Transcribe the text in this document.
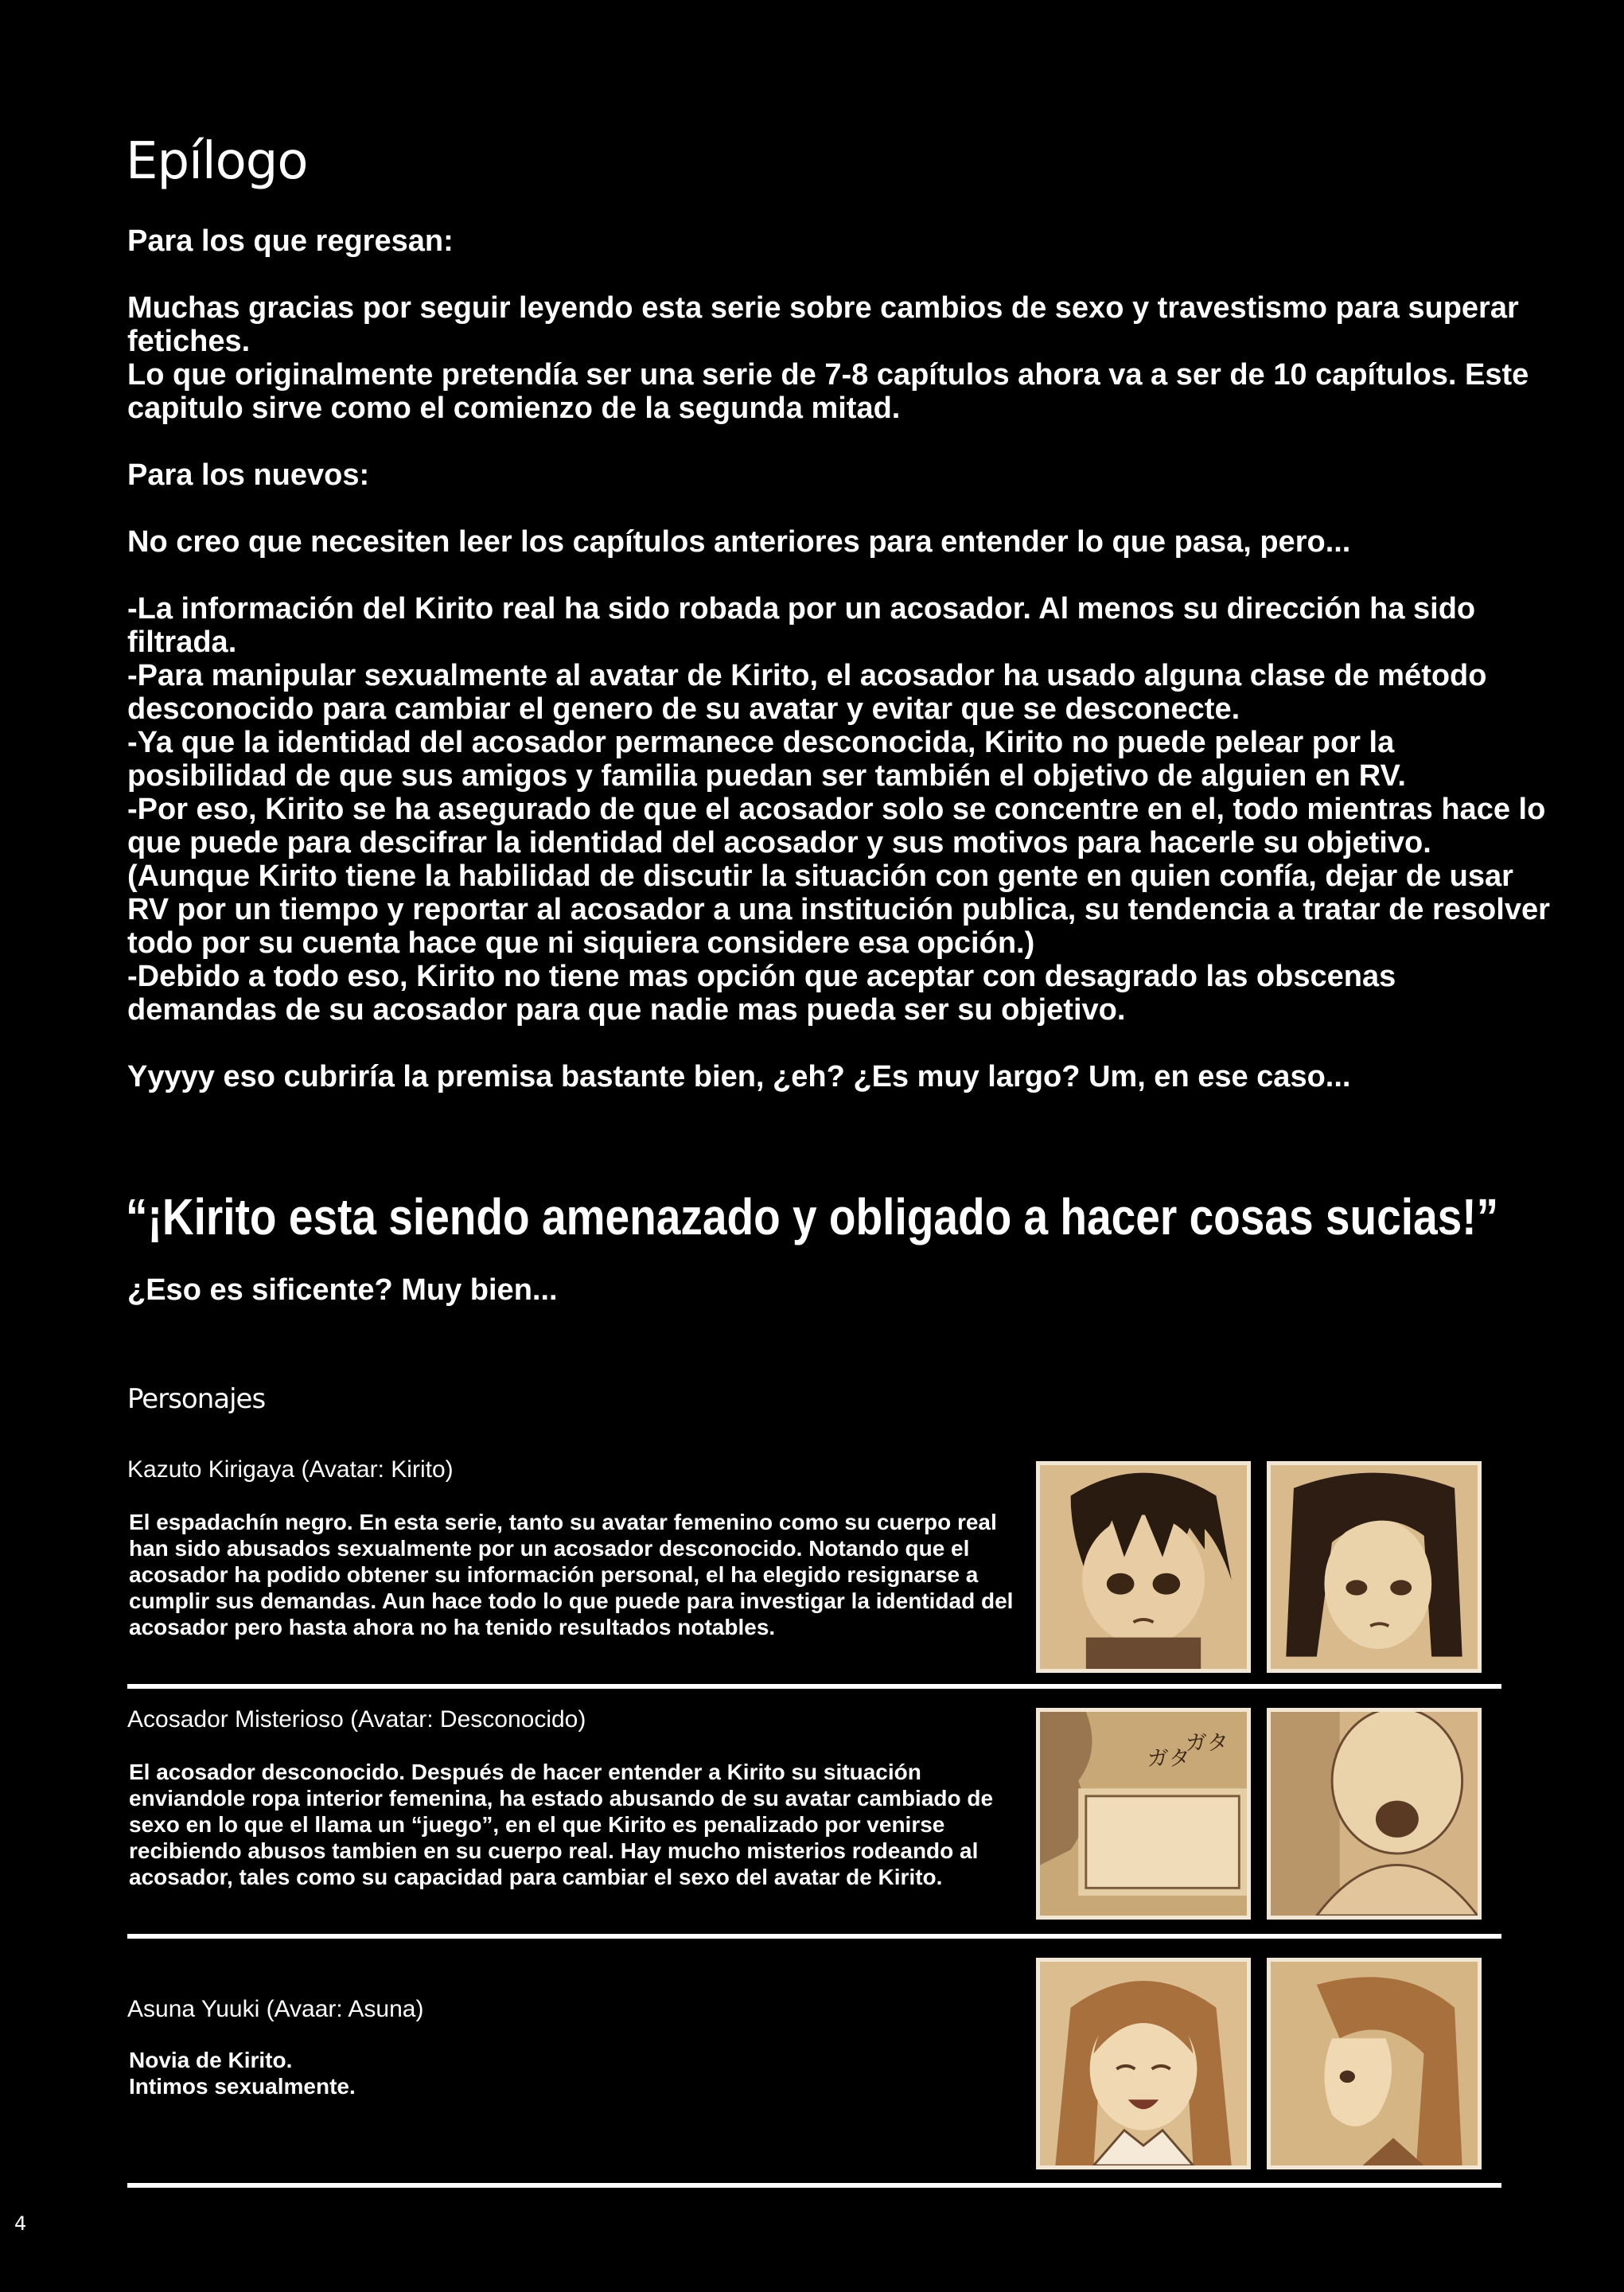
Epílogo

Para los que regresan:

Muchas gracias por seguir leyendo esta serie sobre cambios de sexo y travestismo para superar fetiches.

Lo que originalmente pretendía ser una serie de 7-8 capítulos ahora va a ser de 10 capítulos. Este capitulo sirve como el comienzo de la segunda mitad.

Para los nuevos:

No creo que necesiten leer los capítulos anteriores para entender lo que pasa, pero...

-La información del Kirito real ha sido robada por un acosador. Al menos su dirección ha sido filtrada.

-Para manipular sexualmente al avatar de Kirito, el acosador ha usado alguna clase de método desconocido para cambiar el genero de su avatar y evitar que se desconecte.

-Ya que la identidad del acosador permanece desconocida, Kirito no puede pelear por la posibilidad de que sus amigos y familia puedan ser también el objetivo de alguien en RV.

-Por eso, Kirito se ha asegurado de que el acosador solo se concentre en el, todo mientras hace lo que puede para descifrar la identidad del acosador y sus motivos para hacerle su objetivo.

(Aunque Kirito tiene la habilidad de discutir la situación con gente en quien confía, dejar de usar RV por un tiempo y reportar al acosador a una institución publica, su tendencia a tratar de resolver todo por su cuenta hace que ni siquiera considere esa opción.)

-Debido a todo eso, Kirito no tiene mas opción que aceptar con desagrado las obscenas demandas de su acosador para que nadie mas pueda ser su objetivo.

Yyyyy eso cubriría la premisa bastante bien, ¿eh? ¿Es muy largo? Um, en ese caso...

“¡Kirito esta siendo amenazado y obligado a hacer cosas sucias!”
¿Eso es sificente? Muy bien...
Personajes
Kazuto Kirigaya (Avatar: Kirito)

El espadachín negro. En esta serie, tanto su avatar femenino como su cuerpo real han sido abusados sexualmente por un acosador desconocido. Notando que el acosador ha podido obtener su información personal, el ha elegido resignarse a cumplir sus demandas. Aun hace todo lo que puede para investigar la identidad del acosador pero hasta ahora no ha tenido resultados notables.

Acosador Misterioso (Avatar: Desconocido)

El acosador desconocido. Después de hacer entender a Kirito su situación enviandole ropa interior femenina, ha estado abusando de su avatar cambiado de sexo en lo que el llama un “juego”, en el que Kirito es penalizado por venirse recibiendo abusos tambien en su cuerpo real. Hay mucho misterios rodeando al acosador, tales como su capacidad para cambiar el sexo del avatar de Kirito.

ガタ
ガタ
Asuna Yuuki (Avaar: Asuna)

Novia de Kirito.

Intimos sexualmente.

4
